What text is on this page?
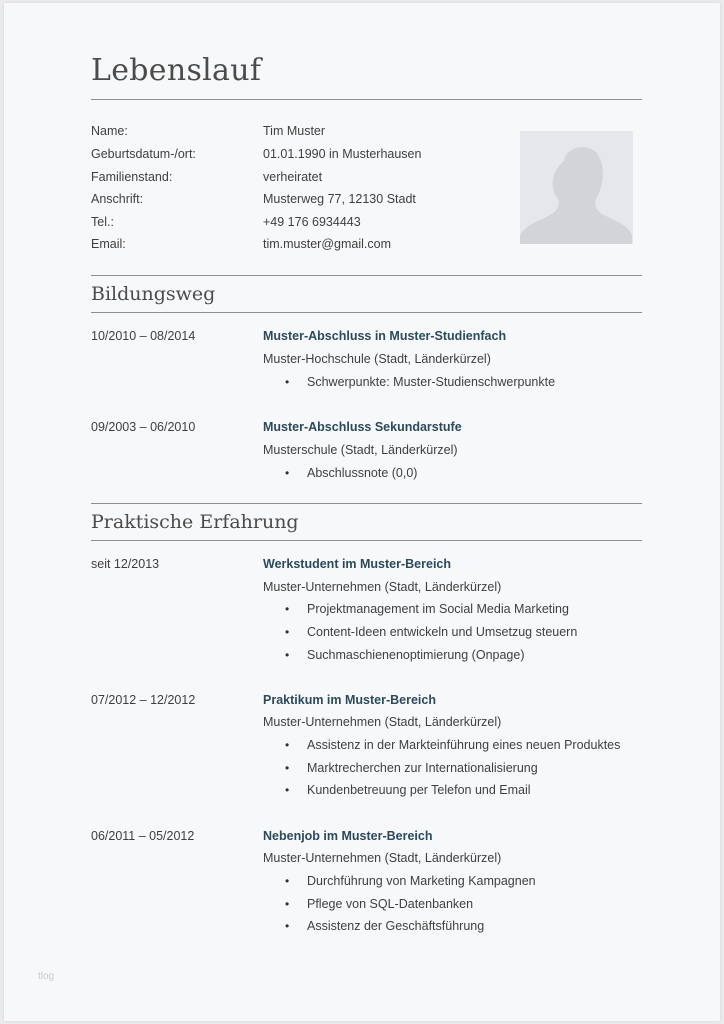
Lebenslauf
Name:	Tim Muster
Geburtsdatum-/ort:	01.01.1990 in Musterhausen
Familienstand:	verheiratet
Anschrift:	Musterweg 77, 12130 Stadt
Tel.:	+49 176 6934443
Email:	tim.muster@gmail.com
Bildungsweg
10/2010 – 08/2014	Muster-Abschluss in Muster-Studienfach
Muster-Hochschule (Stadt, Länderkürzel)
• Schwerpunkte: Muster-Studienschwerpunkte
09/2003 – 06/2010	Muster-Abschluss Sekundarstufe
Musterschule (Stadt, Länderkürzel)
• Abschlussnote (0,0)
Praktische Erfahrung
seit 12/2013	Werkstudent im Muster-Bereich
Muster-Unternehmen (Stadt, Länderkürzel)
• Projektmanagement im Social Media Marketing
• Content-Ideen entwickeln und Umsetzug steuern
• Suchmaschienenoptimierung (Onpage)
07/2012 – 12/2012	Praktikum im Muster-Bereich
Muster-Unternehmen (Stadt, Länderkürzel)
• Assistenz in der Markteinführung eines neuen Produktes
• Marktrecherchen zur Internationalisierung
• Kundenbetreuung per Telefon und Email
06/2011 – 05/2012	Nebenjob im Muster-Bereich
Muster-Unternehmen (Stadt, Länderkürzel)
• Durchführung von Marketing Kampagnen
• Pflege von SQL-Datenbanken
• Assistenz der Geschäftsführung
tlog
